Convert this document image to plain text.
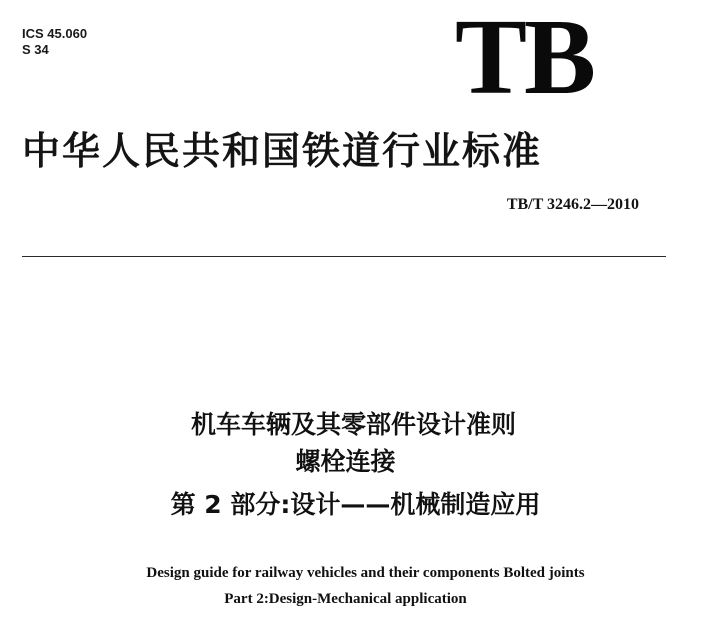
ICS 45.060
S 34	TB
中华人民共和国铁道行业标准
TB/T 3246.2—2010
机车车辆及其零部件设计准则
螺栓连接
第 2 部分:设计——机械制造应用
Design guide for railway vehicles and their components Bolted joints
Part 2:Design-Mechanical application
